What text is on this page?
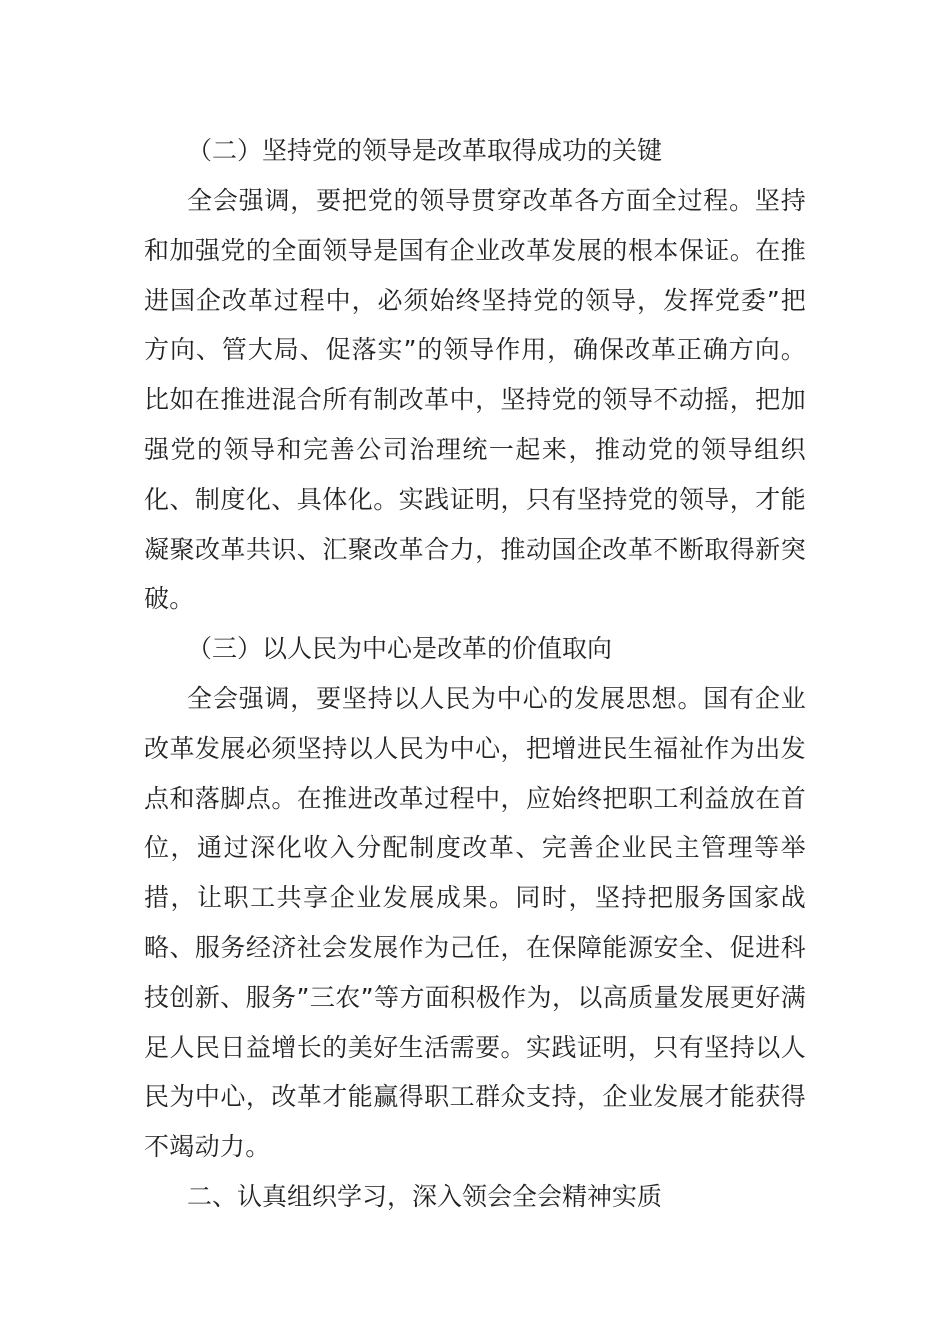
（二）坚持党的领导是改革取得成功的关键

全会强调，要把党的领导贯穿改革各方面全过程。坚持和加强党的全面领导是国有企业改革发展的根本保证。在推进国企改革过程中，必须始终坚持党的领导，发挥党委”把方向、管大局、促落实”的领导作用，确保改革正确方向。比如在推进混合所有制改革中，坚持党的领导不动摇，把加强党的领导和完善公司治理统一起来，推动党的领导组织化、制度化、具体化。实践证明，只有坚持党的领导，才能凝聚改革共识、汇聚改革合力，推动国企改革不断取得新突破。

（三）以人民为中心是改革的价值取向

全会强调，要坚持以人民为中心的发展思想。国有企业改革发展必须坚持以人民为中心，把增进民生福祉作为出发点和落脚点。在推进改革过程中，应始终把职工利益放在首位，通过深化收入分配制度改革、完善企业民主管理等举措，让职工共享企业发展成果。同时，坚持把服务国家战略、服务经济社会发展作为己任，在保障能源安全、促进科技创新、服务”三农”等方面积极作为，以高质量发展更好满足人民日益增长的美好生活需要。实践证明，只有坚持以人民为中心，改革才能赢得职工群众支持，企业发展才能获得不竭动力。

二、认真组织学习，深入领会全会精神实质
